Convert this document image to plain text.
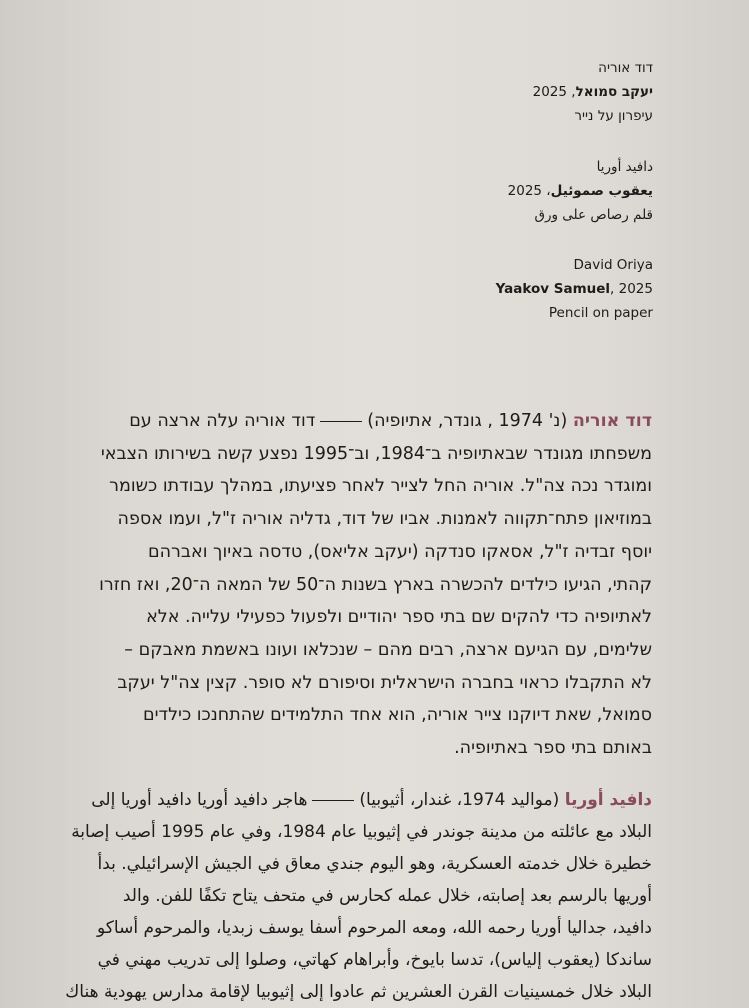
דוד אוריה
יעקב סמואל, 2025
עיפרון על נייר
دافيد أوريا
يعقوب صموئيل، 2025
قلم رصاص على ورق
David Oriya
Yaakov Samuel, 2025
Pencil on paper
דוד אוריה (נ' 1974 , גונדר, אתיופיה)דוד אוריה עלה ארצה עם
משפחתו מגונדר שבאתיופיה ב־1984, וב־1995 נפצע קשה בשירותו הצבאי
ומוגדר נכה צה"ל. אוריה החל לצייר לאחר פציעתו, במהלך עבודתו כשומר
במוזיאון פתח־תקווה לאמנות. אביו של דוד, גדליה אוריה ז"ל, ועמו אספה
יוסף זבדיה ז"ל, אסאקו סנדקה (יעקב אליאס), טדסה באיוך ואברהם
קהתי, הגיעו כילדים להכשרה בארץ בשנות ה־50 של המאה ה־20, ואז חזרו
לאתיופיה כדי להקים שם בתי ספר יהודיים ולפעול כפעילי עלייה. אלא
שלימים, עם הגיעם ארצה, רבים מהם – שנכלאו ועונו באשמת מאבקם –
לא התקבלו כראוי בחברה הישראלית וסיפורם לא סופר. קצין צה"ל יעקב
סמואל, שאת דיוקנו צייר אוריה, הוא אחד התלמידים שהתחנכו כילדים
באותם בתי ספר באתיופיה.
دافيد أوريا (مواليد 1974، غندار، أثيوبيا)هاجر دافيد أوريا دافيد أوريا إلى
البلاد مع عائلته من مدينة جوندر في إثيوبيا عام 1984، وفي عام 1995 أصيب إصابة
خطيرة خلال خدمته العسكرية، وهو اليوم جندي معاق في الجيش الإسرائيلي. بدأ
أوريها بالرسم بعد إصابته، خلال عمله كحارس في متحف يتاح تكفًا للفن. والد
دافيد، جداليا أوريا رحمه الله، ومعه المرحوم أسفا يوسف زبديا، والمرحوم أساكو
ساندكا (يعقوب إلياس)، تدسا بايوخ، وأبراهام كهاتي، وصلوا إلى تدريب مهني في
البلاد خلال خمسينيات القرن العشرين ثم عادوا إلى إثيوبيا لإقامة مدارس يهودية هناك
